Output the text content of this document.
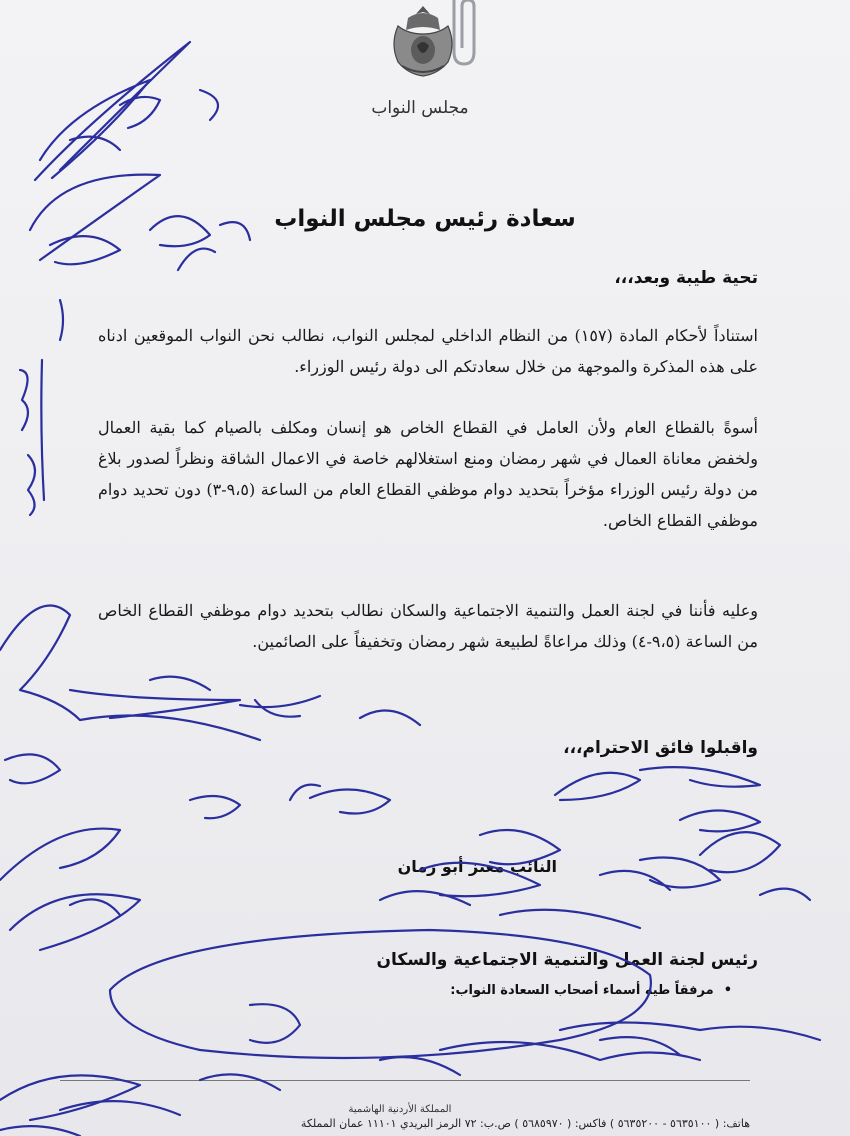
مجلس النواب
سعادة رئيس مجلس النواب
تحية طيبة وبعد،،،
استناداً لأحكام المادة (١٥٧) من النظام الداخلي لمجلس النواب، نطالب نحن النواب الموقعين ادناه على هذه المذكرة والموجهة من خلال سعادتكم الى دولة رئيس الوزراء.
أسوةً بالقطاع العام ولأن العامل في القطاع الخاص هو إنسان ومكلف بالصيام كما بقية العمال ولخفض معاناة العمال في شهر رمضان ومنع استغلالهم خاصة في الاعمال الشاقة ونظراً لصدور بلاغ من دولة رئيس الوزراء مؤخراً بتحديد دوام موظفي القطاع العام من الساعة (٩،٥-٣) دون تحديد دوام موظفي القطاع الخاص.
وعليه فأننا في لجنة العمل والتنمية الاجتماعية والسكان نطالب بتحديد دوام موظفي القطاع الخاص من الساعة (٩،٥-٤) وذلك مراعاةً لطبيعة شهر رمضان وتخفيفاً على الصائمين.
واقبلوا فائق الاحترام،،،
النائب معتز أبو رمان
رئيس لجنة العمل والتنمية الاجتماعية والسكان
•مرفقاً طيه أسماء أصحاب السعادة النواب:
المملكة الأردنية الهاشمية
هاتف: ( ٥٦٣٥١٠٠ - ٥٦٣٥٢٠٠ ) فاكس: ( ٥٦٨٥٩٧٠ ) ص.ب: ٧٢ الرمز البريدي ١١١٠١ عمان المملكة
